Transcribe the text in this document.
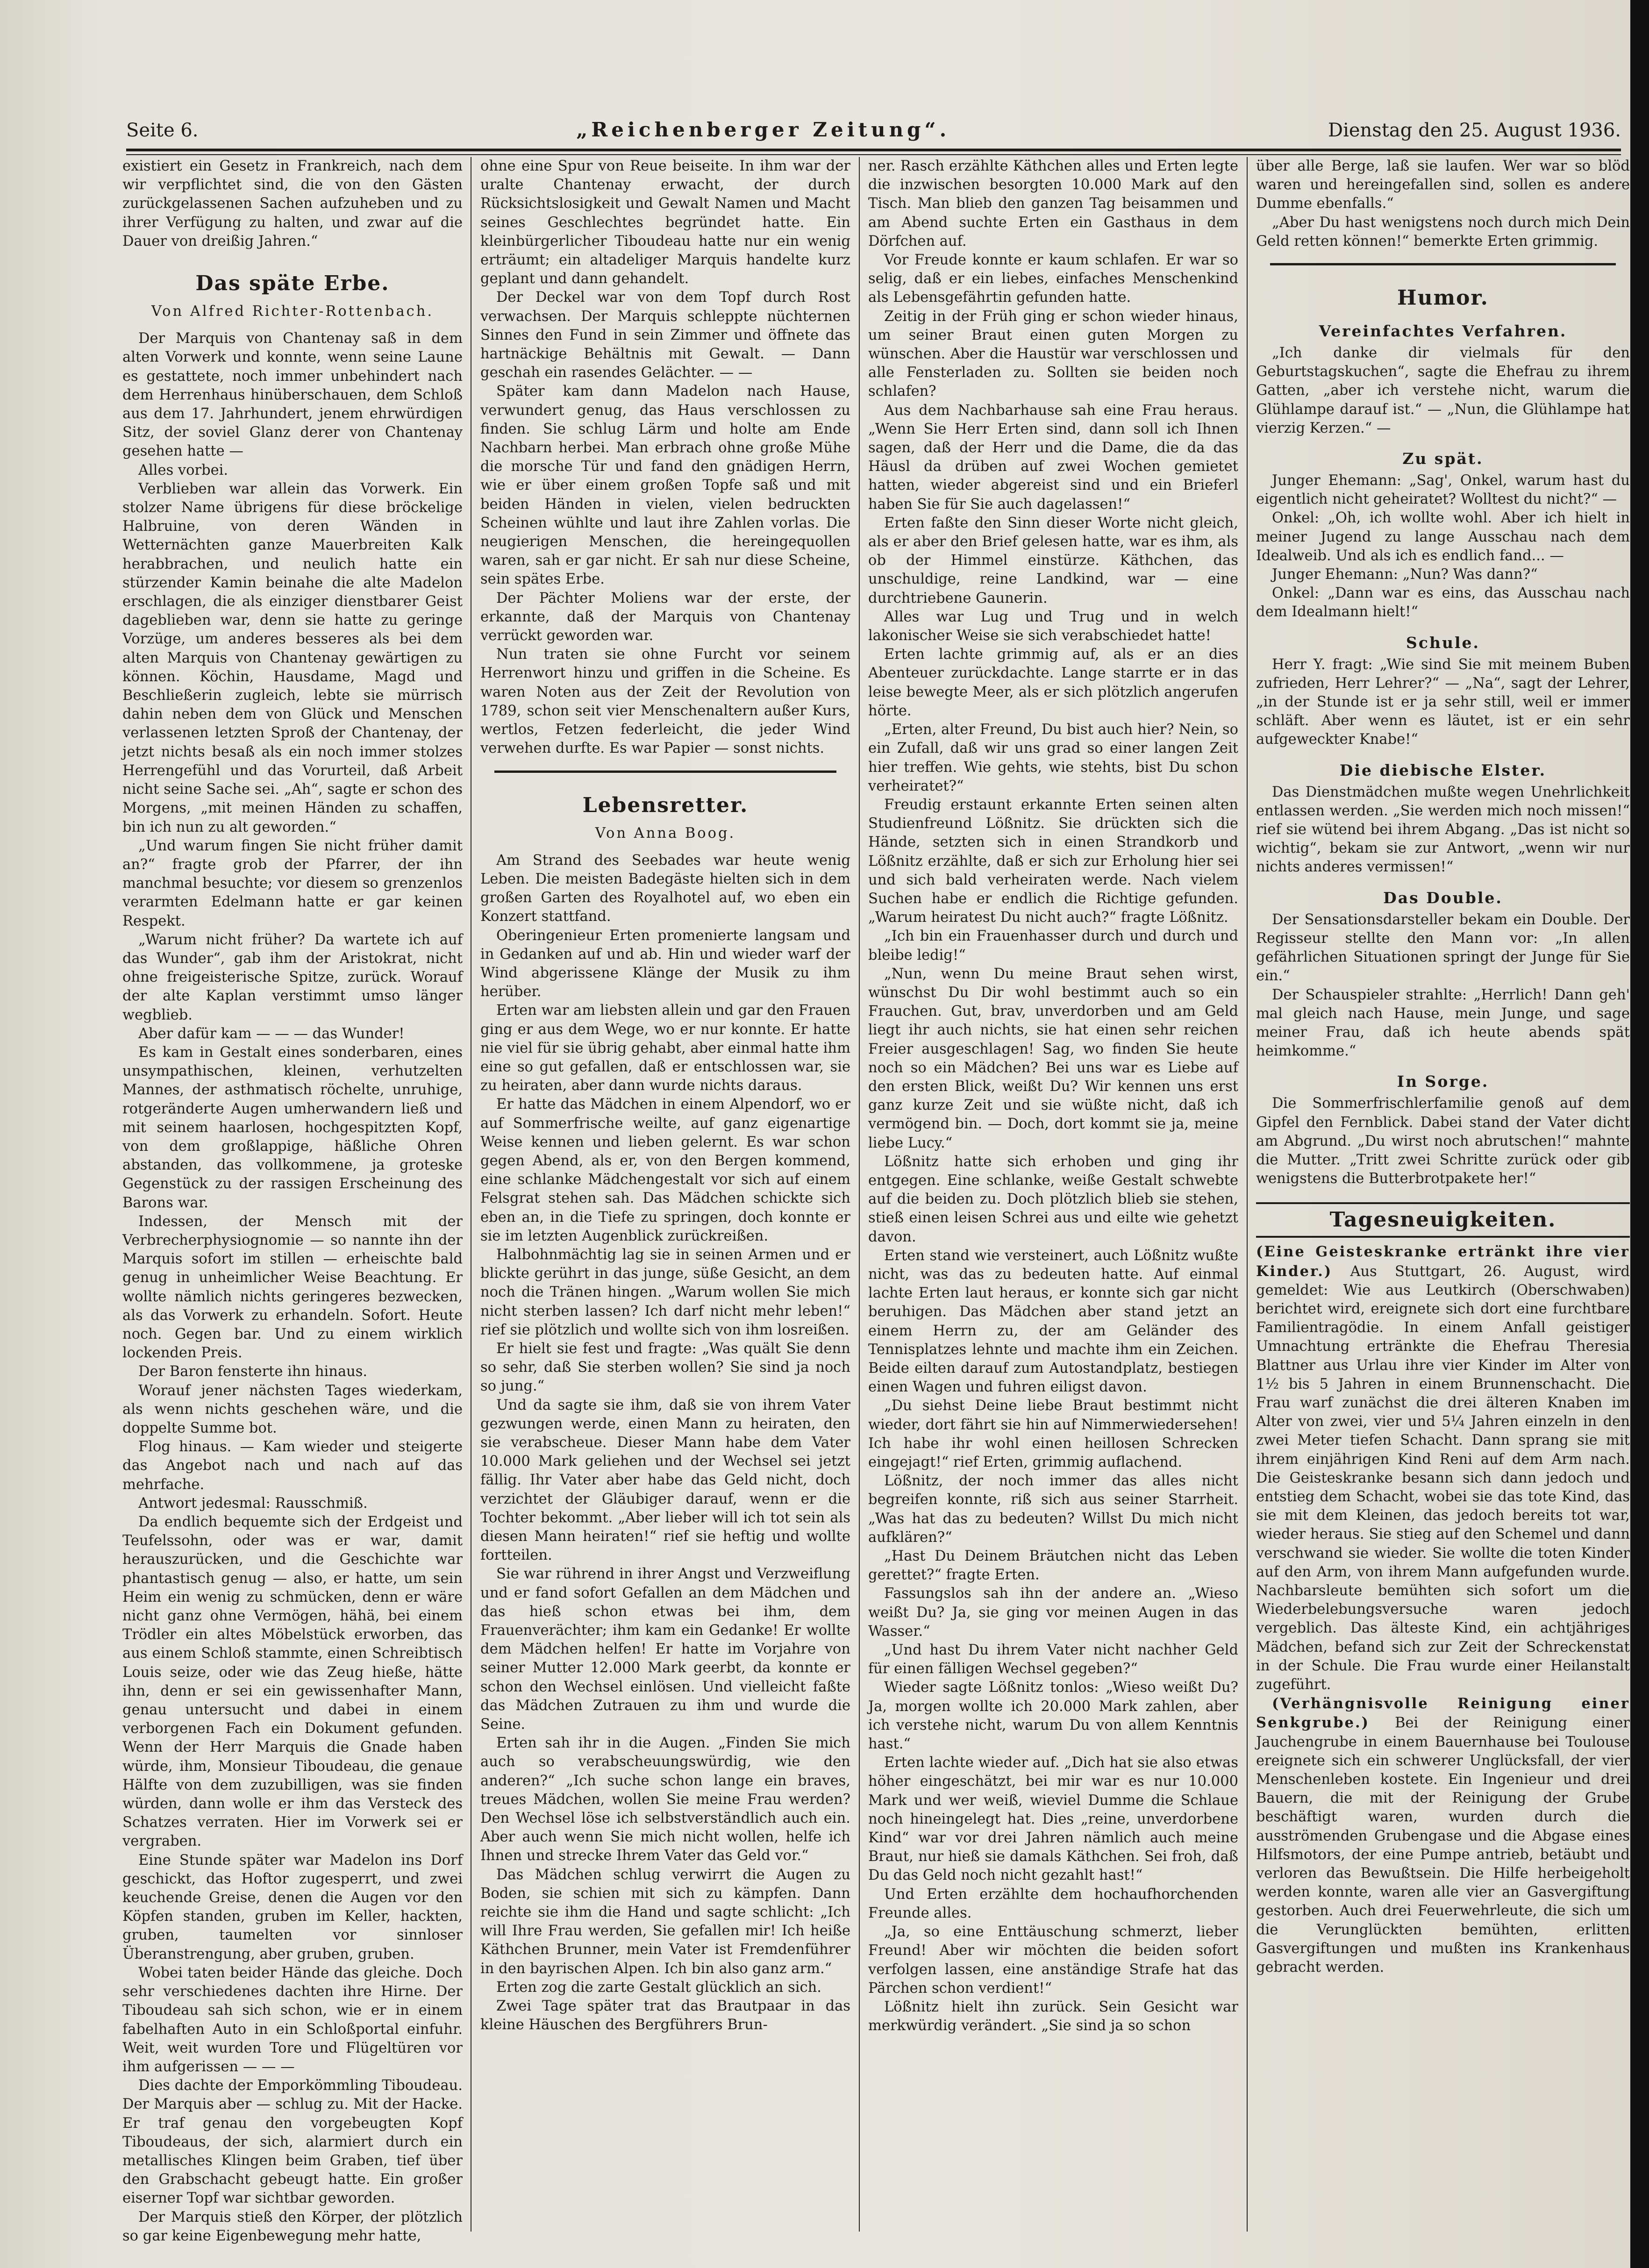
Seite 6.	„Reichenberger Zeitung“.	Dienstag den 25. August 1936.

existiert ein Gesetz in Frankreich, nach dem wir verpflichtet sind, die von den Gästen zurückgelassenen Sachen aufzuheben und zu ihrer Verfügung zu halten, und zwar auf die Dauer von dreißig Jahren.“

Das späte Erbe.

Von Alfred Richter-Rottenbach.

Der Marquis von Chantenay saß in dem alten Vorwerk und konnte, wenn seine Laune es gestattete, noch immer unbehindert nach dem Herrenhaus hinüberschauen, dem Schloß aus dem 17. Jahrhundert, jenem ehrwürdigen Sitz, der soviel Glanz derer von Chantenay gesehen hatte —

Alles vorbei.

Verblieben war allein das Vorwerk. Ein stolzer Name übrigens für diese bröckelige Halbruine, von deren Wänden in Wetternächten ganze Mauerbreiten Kalk herabbrachen, und neulich hatte ein stürzender Kamin beinahe die alte Madelon erschlagen, die als einziger dienstbarer Geist dageblieben war, denn sie hatte zu geringe Vorzüge, um anderes besseres als bei dem alten Marquis von Chantenay gewärtigen zu können. Köchin, Hausdame, Magd und Beschließerin zugleich, lebte sie mürrisch dahin neben dem von Glück und Menschen verlassenen letzten Sproß der Chantenay, der jetzt nichts besaß als ein noch immer stolzes Herrengefühl und das Vorurteil, daß Arbeit nicht seine Sache sei. „Ah“, sagte er schon des Morgens, „mit meinen Händen zu schaffen, bin ich nun zu alt geworden.“

„Und warum fingen Sie nicht früher damit an?“ fragte grob der Pfarrer, der ihn manchmal besuchte; vor diesem so grenzenlos verarmten Edelmann hatte er gar keinen Respekt.

„Warum nicht früher? Da wartete ich auf das Wunder“, gab ihm der Aristokrat, nicht ohne freigeisterische Spitze, zurück. Worauf der alte Kaplan verstimmt umso länger wegblieb.

Aber dafür kam — — — das Wunder!

Es kam in Gestalt eines sonderbaren, eines unsympathischen, kleinen, verhutzelten Mannes, der asthmatisch röchelte, unruhige, rotgeränderte Augen umherwandern ließ und mit seinem haarlosen, hochgespitzten Kopf, von dem großlappige, häßliche Ohren abstanden, das vollkommene, ja groteske Gegenstück zu der rassigen Erscheinung des Barons war.

Indessen, der Mensch mit der Verbrecherphysiognomie — so nannte ihn der Marquis sofort im stillen — erheischte bald genug in unheimlicher Weise Beachtung. Er wollte nämlich nichts geringeres bezwecken, als das Vorwerk zu erhandeln. Sofort. Heute noch. Gegen bar. Und zu einem wirklich lockenden Preis.

Der Baron fensterte ihn hinaus.

Worauf jener nächsten Tages wiederkam, als wenn nichts geschehen wäre, und die doppelte Summe bot.

Flog hinaus. — Kam wieder und steigerte das Angebot nach und nach auf das mehrfache.

Antwort jedesmal: Rausschmiß.

Da endlich bequemte sich der Erdgeist und Teufelssohn, oder was er war, damit herauszurücken, und die Geschichte war phantastisch genug — also, er hatte, um sein Heim ein wenig zu schmücken, denn er wäre nicht ganz ohne Vermögen, hähä, bei einem Trödler ein altes Möbelstück erworben, das aus einem Schloß stammte, einen Schreibtisch Louis seize, oder wie das Zeug hieße, hätte ihn, denn er sei ein gewissenhafter Mann, genau untersucht und dabei in einem verborgenen Fach ein Dokument gefunden. Wenn der Herr Marquis die Gnade haben würde, ihm, Monsieur Tiboudeau, die genaue Hälfte von dem zuzubilligen, was sie finden würden, dann wolle er ihm das Versteck des Schatzes verraten. Hier im Vorwerk sei er vergraben.

Eine Stunde später war Madelon ins Dorf geschickt, das Hoftor zugesperrt, und zwei keuchende Greise, denen die Augen vor den Köpfen standen, gruben im Keller, hackten, gruben, taumelten vor sinnloser Überanstrengung, aber gruben, gruben.

Wobei taten beider Hände das gleiche. Doch sehr verschiedenes dachten ihre Hirne. Der Tiboudeau sah sich schon, wie er in einem fabelhaften Auto in ein Schloßportal einfuhr. Weit, weit wurden Tore und Flügeltüren vor ihm aufgerissen — — —

Dies dachte der Emporkömmling Tiboudeau. Der Marquis aber — schlug zu. Mit der Hacke. Er traf genau den vorgebeugten Kopf Tiboudeaus, der sich, alarmiert durch ein metallisches Klingen beim Graben, tief über den Grabschacht gebeugt hatte. Ein großer eiserner Topf war sichtbar geworden.

Der Marquis stieß den Körper, der plötzlich so gar keine Eigenbewegung mehr hatte,

ohne eine Spur von Reue beiseite. In ihm war der uralte Chantenay erwacht, der durch Rücksichtslosigkeit und Gewalt Namen und Macht seines Geschlechtes begründet hatte. Ein kleinbürgerlicher Tiboudeau hatte nur ein wenig erträumt; ein altadeliger Marquis handelte kurz geplant und dann gehandelt.

Der Deckel war von dem Topf durch Rost verwachsen. Der Marquis schleppte nüchternen Sinnes den Fund in sein Zimmer und öffnete das hartnäckige Behältnis mit Gewalt. — Dann geschah ein rasendes Gelächter. — —

Später kam dann Madelon nach Hause, verwundert genug, das Haus verschlossen zu finden. Sie schlug Lärm und holte am Ende Nachbarn herbei. Man erbrach ohne große Mühe die morsche Tür und fand den gnädigen Herrn, wie er über einem großen Topfe saß und mit beiden Händen in vielen, vielen bedruckten Scheinen wühlte und laut ihre Zahlen vorlas. Die neugierigen Menschen, die hereingequollen waren, sah er gar nicht. Er sah nur diese Scheine, sein spätes Erbe.

Der Pächter Moliens war der erste, der erkannte, daß der Marquis von Chantenay verrückt geworden war.

Nun traten sie ohne Furcht vor seinem Herrenwort hinzu und griffen in die Scheine. Es waren Noten aus der Zeit der Revolution von 1789, schon seit vier Menschenaltern außer Kurs, wertlos, Fetzen federleicht, die jeder Wind verwehen durfte. Es war Papier — sonst nichts.

Lebensretter.

Von Anna Boog.

Am Strand des Seebades war heute wenig Leben. Die meisten Badegäste hielten sich in dem großen Garten des Royalhotel auf, wo eben ein Konzert stattfand.

Oberingenieur Erten promenierte langsam und in Gedanken auf und ab. Hin und wieder warf der Wind abgerissene Klänge der Musik zu ihm herüber.

Erten war am liebsten allein und gar den Frauen ging er aus dem Wege, wo er nur konnte. Er hatte nie viel für sie übrig gehabt, aber einmal hatte ihm eine so gut gefallen, daß er entschlossen war, sie zu heiraten, aber dann wurde nichts daraus.

Er hatte das Mädchen in einem Alpendorf, wo er auf Sommerfrische weilte, auf ganz eigenartige Weise kennen und lieben gelernt. Es war schon gegen Abend, als er, von den Bergen kommend, eine schlanke Mädchengestalt vor sich auf einem Felsgrat stehen sah. Das Mädchen schickte sich eben an, in die Tiefe zu springen, doch konnte er sie im letzten Augenblick zurückreißen.

Halbohnmächtig lag sie in seinen Armen und er blickte gerührt in das junge, süße Gesicht, an dem noch die Tränen hingen. „Warum wollen Sie mich nicht sterben lassen? Ich darf nicht mehr leben!“ rief sie plötzlich und wollte sich von ihm losreißen.

Er hielt sie fest und fragte: „Was quält Sie denn so sehr, daß Sie sterben wollen? Sie sind ja noch so jung.“

Und da sagte sie ihm, daß sie von ihrem Vater gezwungen werde, einen Mann zu heiraten, den sie verabscheue. Dieser Mann habe dem Vater 10.000 Mark geliehen und der Wechsel sei jetzt fällig. Ihr Vater aber habe das Geld nicht, doch verzichtet der Gläubiger darauf, wenn er die Tochter bekommt. „Aber lieber will ich tot sein als diesen Mann heiraten!“ rief sie heftig und wollte fortteilen.

Sie war rührend in ihrer Angst und Verzweiflung und er fand sofort Gefallen an dem Mädchen und das hieß schon etwas bei ihm, dem Frauenverächter; ihm kam ein Gedanke! Er wollte dem Mädchen helfen! Er hatte im Vorjahre von seiner Mutter 12.000 Mark geerbt, da konnte er schon den Wechsel einlösen. Und vielleicht faßte das Mädchen Zutrauen zu ihm und wurde die Seine.

Erten sah ihr in die Augen. „Finden Sie mich auch so verabscheuungswürdig, wie den anderen?“ „Ich suche schon lange ein braves, treues Mädchen, wollen Sie meine Frau werden? Den Wechsel löse ich selbstverständlich auch ein. Aber auch wenn Sie mich nicht wollen, helfe ich Ihnen und strecke Ihrem Vater das Geld vor.“

Das Mädchen schlug verwirrt die Augen zu Boden, sie schien mit sich zu kämpfen. Dann reichte sie ihm die Hand und sagte schlicht: „Ich will Ihre Frau werden, Sie gefallen mir! Ich heiße Käthchen Brunner, mein Vater ist Fremdenführer in den bayrischen Alpen. Ich bin also ganz arm.“

Erten zog die zarte Gestalt glücklich an sich.

Zwei Tage später trat das Brautpaar in das kleine Häuschen des Bergführers Brun-

ner. Rasch erzählte Käthchen alles und Erten legte die inzwischen besorgten 10.000 Mark auf den Tisch. Man blieb den ganzen Tag beisammen und am Abend suchte Erten ein Gasthaus in dem Dörfchen auf.

Vor Freude konnte er kaum schlafen. Er war so selig, daß er ein liebes, einfaches Menschenkind als Lebensgefährtin gefunden hatte.

Zeitig in der Früh ging er schon wieder hinaus, um seiner Braut einen guten Morgen zu wünschen. Aber die Haustür war verschlossen und alle Fensterladen zu. Sollten sie beiden noch schlafen?

Aus dem Nachbarhause sah eine Frau heraus. „Wenn Sie Herr Erten sind, dann soll ich Ihnen sagen, daß der Herr und die Dame, die da das Häusl da drüben auf zwei Wochen gemietet hatten, wieder abgereist sind und ein Brieferl haben Sie für Sie auch dagelassen!“

Erten faßte den Sinn dieser Worte nicht gleich, als er aber den Brief gelesen hatte, war es ihm, als ob der Himmel einstürze. Käthchen, das unschuldige, reine Landkind, war — eine durchtriebene Gaunerin.

Alles war Lug und Trug und in welch lakonischer Weise sie sich verabschiedet hatte!

Erten lachte grimmig auf, als er an dies Abenteuer zurückdachte. Lange starrte er in das leise bewegte Meer, als er sich plötzlich angerufen hörte.

„Erten, alter Freund, Du bist auch hier? Nein, so ein Zufall, daß wir uns grad so einer langen Zeit hier treffen. Wie gehts, wie stehts, bist Du schon verheiratet?“

Freudig erstaunt erkannte Erten seinen alten Studienfreund Lößnitz. Sie drückten sich die Hände, setzten sich in einen Strandkorb und Lößnitz erzählte, daß er sich zur Erholung hier sei und sich bald verheiraten werde. Nach vielem Suchen habe er endlich die Richtige gefunden. „Warum heiratest Du nicht auch?“ fragte Lößnitz.

„Ich bin ein Frauenhasser durch und durch und bleibe ledig!“

„Nun, wenn Du meine Braut sehen wirst, wünschst Du Dir wohl bestimmt auch so ein Frauchen. Gut, brav, unverdorben und am Geld liegt ihr auch nichts, sie hat einen sehr reichen Freier ausgeschlagen! Sag, wo finden Sie heute noch so ein Mädchen? Bei uns war es Liebe auf den ersten Blick, weißt Du? Wir kennen uns erst ganz kurze Zeit und sie wüßte nicht, daß ich vermögend bin. — Doch, dort kommt sie ja, meine liebe Lucy.“

Lößnitz hatte sich erhoben und ging ihr entgegen. Eine schlanke, weiße Gestalt schwebte auf die beiden zu. Doch plötzlich blieb sie stehen, stieß einen leisen Schrei aus und eilte wie gehetzt davon.

Erten stand wie versteinert, auch Lößnitz wußte nicht, was das zu bedeuten hatte. Auf einmal lachte Erten laut heraus, er konnte sich gar nicht beruhigen. Das Mädchen aber stand jetzt an einem Herrn zu, der am Geländer des Tennisplatzes lehnte und machte ihm ein Zeichen. Beide eilten darauf zum Autostandplatz, bestiegen einen Wagen und fuhren eiligst davon.

„Du siehst Deine liebe Braut bestimmt nicht wieder, dort fährt sie hin auf Nimmerwiedersehen! Ich habe ihr wohl einen heillosen Schrecken eingejagt!“ rief Erten, grimmig auflachend.

Lößnitz, der noch immer das alles nicht begreifen konnte, riß sich aus seiner Starrheit. „Was hat das zu bedeuten? Willst Du mich nicht aufklären?“

„Hast Du Deinem Bräutchen nicht das Leben gerettet?“ fragte Erten.

Fassungslos sah ihn der andere an. „Wieso weißt Du? Ja, sie ging vor meinen Augen in das Wasser.“

„Und hast Du ihrem Vater nicht nachher Geld für einen fälligen Wechsel gegeben?“

Wieder sagte Lößnitz tonlos: „Wieso weißt Du? Ja, morgen wollte ich 20.000 Mark zahlen, aber ich verstehe nicht, warum Du von allem Kenntnis hast.“

Erten lachte wieder auf. „Dich hat sie also etwas höher eingeschätzt, bei mir war es nur 10.000 Mark und wer weiß, wieviel Dumme die Schlaue noch hineingelegt hat. Dies „reine, unverdorbene Kind“ war vor drei Jahren nämlich auch meine Braut, nur hieß sie damals Käthchen. Sei froh, daß Du das Geld noch nicht gezahlt hast!“

Und Erten erzählte dem hochaufhorchenden Freunde alles.

„Ja, so eine Enttäuschung schmerzt, lieber Freund! Aber wir möchten die beiden sofort verfolgen lassen, eine anständige Strafe hat das Pärchen schon verdient!“

Lößnitz hielt ihn zurück. Sein Gesicht war merkwürdig verändert. „Sie sind ja so schon

über alle Berge, laß sie laufen. Wer war so blöd waren und hereingefallen sind, sollen es andere Dumme ebenfalls.“

„Aber Du hast wenigstens noch durch mich Dein Geld retten können!“ bemerkte Erten grimmig.

Humor.
Vereinfachtes Verfahren.

„Ich danke dir vielmals für den Geburtstagskuchen“, sagte die Ehefrau zu ihrem Gatten, „aber ich verstehe nicht, warum die Glühlampe darauf ist.“ — „Nun, die Glühlampe hat vierzig Kerzen.“ —

Zu spät.

Junger Ehemann: „Sag', Onkel, warum hast du eigentlich nicht geheiratet? Wolltest du nicht?“ —

Onkel: „Oh, ich wollte wohl. Aber ich hielt in meiner Jugend zu lange Ausschau nach dem Idealweib. Und als ich es endlich fand... —

Junger Ehemann: „Nun? Was dann?“

Onkel: „Dann war es eins, das Ausschau nach dem Idealmann hielt!“

Schule.

Herr Y. fragt: „Wie sind Sie mit meinem Buben zufrieden, Herr Lehrer?“ — „Na“, sagt der Lehrer, „in der Stunde ist er ja sehr still, weil er immer schläft. Aber wenn es läutet, ist er ein sehr aufgeweckter Knabe!“

Die diebische Elster.

Das Dienstmädchen mußte wegen Unehrlichkeit entlassen werden. „Sie werden mich noch missen!“ rief sie wütend bei ihrem Abgang. „Das ist nicht so wichtig“, bekam sie zur Antwort, „wenn wir nur nichts anderes vermissen!“

Das Double.

Der Sensationsdarsteller bekam ein Double. Der Regisseur stellte den Mann vor: „In allen gefährlichen Situationen springt der Junge für Sie ein.“

Der Schauspieler strahlte: „Herrlich! Dann geh' mal gleich nach Hause, mein Junge, und sage meiner Frau, daß ich heute abends spät heimkomme.“

In Sorge.

Die Sommerfrischlerfamilie genoß auf dem Gipfel den Fernblick. Dabei stand der Vater dicht am Abgrund. „Du wirst noch abrutschen!“ mahnte die Mutter. „Tritt zwei Schritte zurück oder gib wenigstens die Butterbrotpakete her!“

Tagesneuigkeiten.

(Eine Geisteskranke ertränkt ihre vier Kinder.) Aus Stuttgart, 26. August, wird gemeldet: Wie aus Leutkirch (Oberschwaben) berichtet wird, ereignete sich dort eine furchtbare Familientragödie. In einem Anfall geistiger Umnachtung ertränkte die Ehefrau Theresia Blattner aus Urlau ihre vier Kinder im Alter von 1½ bis 5 Jahren in einem Brunnenschacht. Die Frau warf zunächst die drei älteren Knaben im Alter von zwei, vier und 5¼ Jahren einzeln in den zwei Meter tiefen Schacht. Dann sprang sie mit ihrem einjährigen Kind Reni auf dem Arm nach. Die Geisteskranke besann sich dann jedoch und entstieg dem Schacht, wobei sie das tote Kind, das sie mit dem Kleinen, das jedoch bereits tot war, wieder heraus. Sie stieg auf den Schemel und dann verschwand sie wieder. Sie wollte die toten Kinder auf den Arm, von ihrem Mann aufgefunden wurde. Nachbarsleute bemühten sich sofort um die Wiederbelebungsversuche waren jedoch vergeblich. Das älteste Kind, ein achtjähriges Mädchen, befand sich zur Zeit der Schreckenstat in der Schule. Die Frau wurde einer Heilanstalt zugeführt.

(Verhängnisvolle Reinigung einer Senkgrube.) Bei der Reinigung einer Jauchengrube in einem Bauernhause bei Toulouse ereignete sich ein schwerer Unglücksfall, der vier Menschenleben kostete. Ein Ingenieur und drei Bauern, die mit der Reinigung der Grube beschäftigt waren, wurden durch die ausströmenden Grubengase und die Abgase eines Hilfsmotors, der eine Pumpe antrieb, betäubt und verloren das Bewußtsein. Die Hilfe herbeigeholt werden konnte, waren alle vier an Gasvergiftung gestorben. Auch drei Feuerwehrleute, die sich um die Verunglückten bemühten, erlitten Gasvergiftungen und mußten ins Krankenhaus gebracht werden.
